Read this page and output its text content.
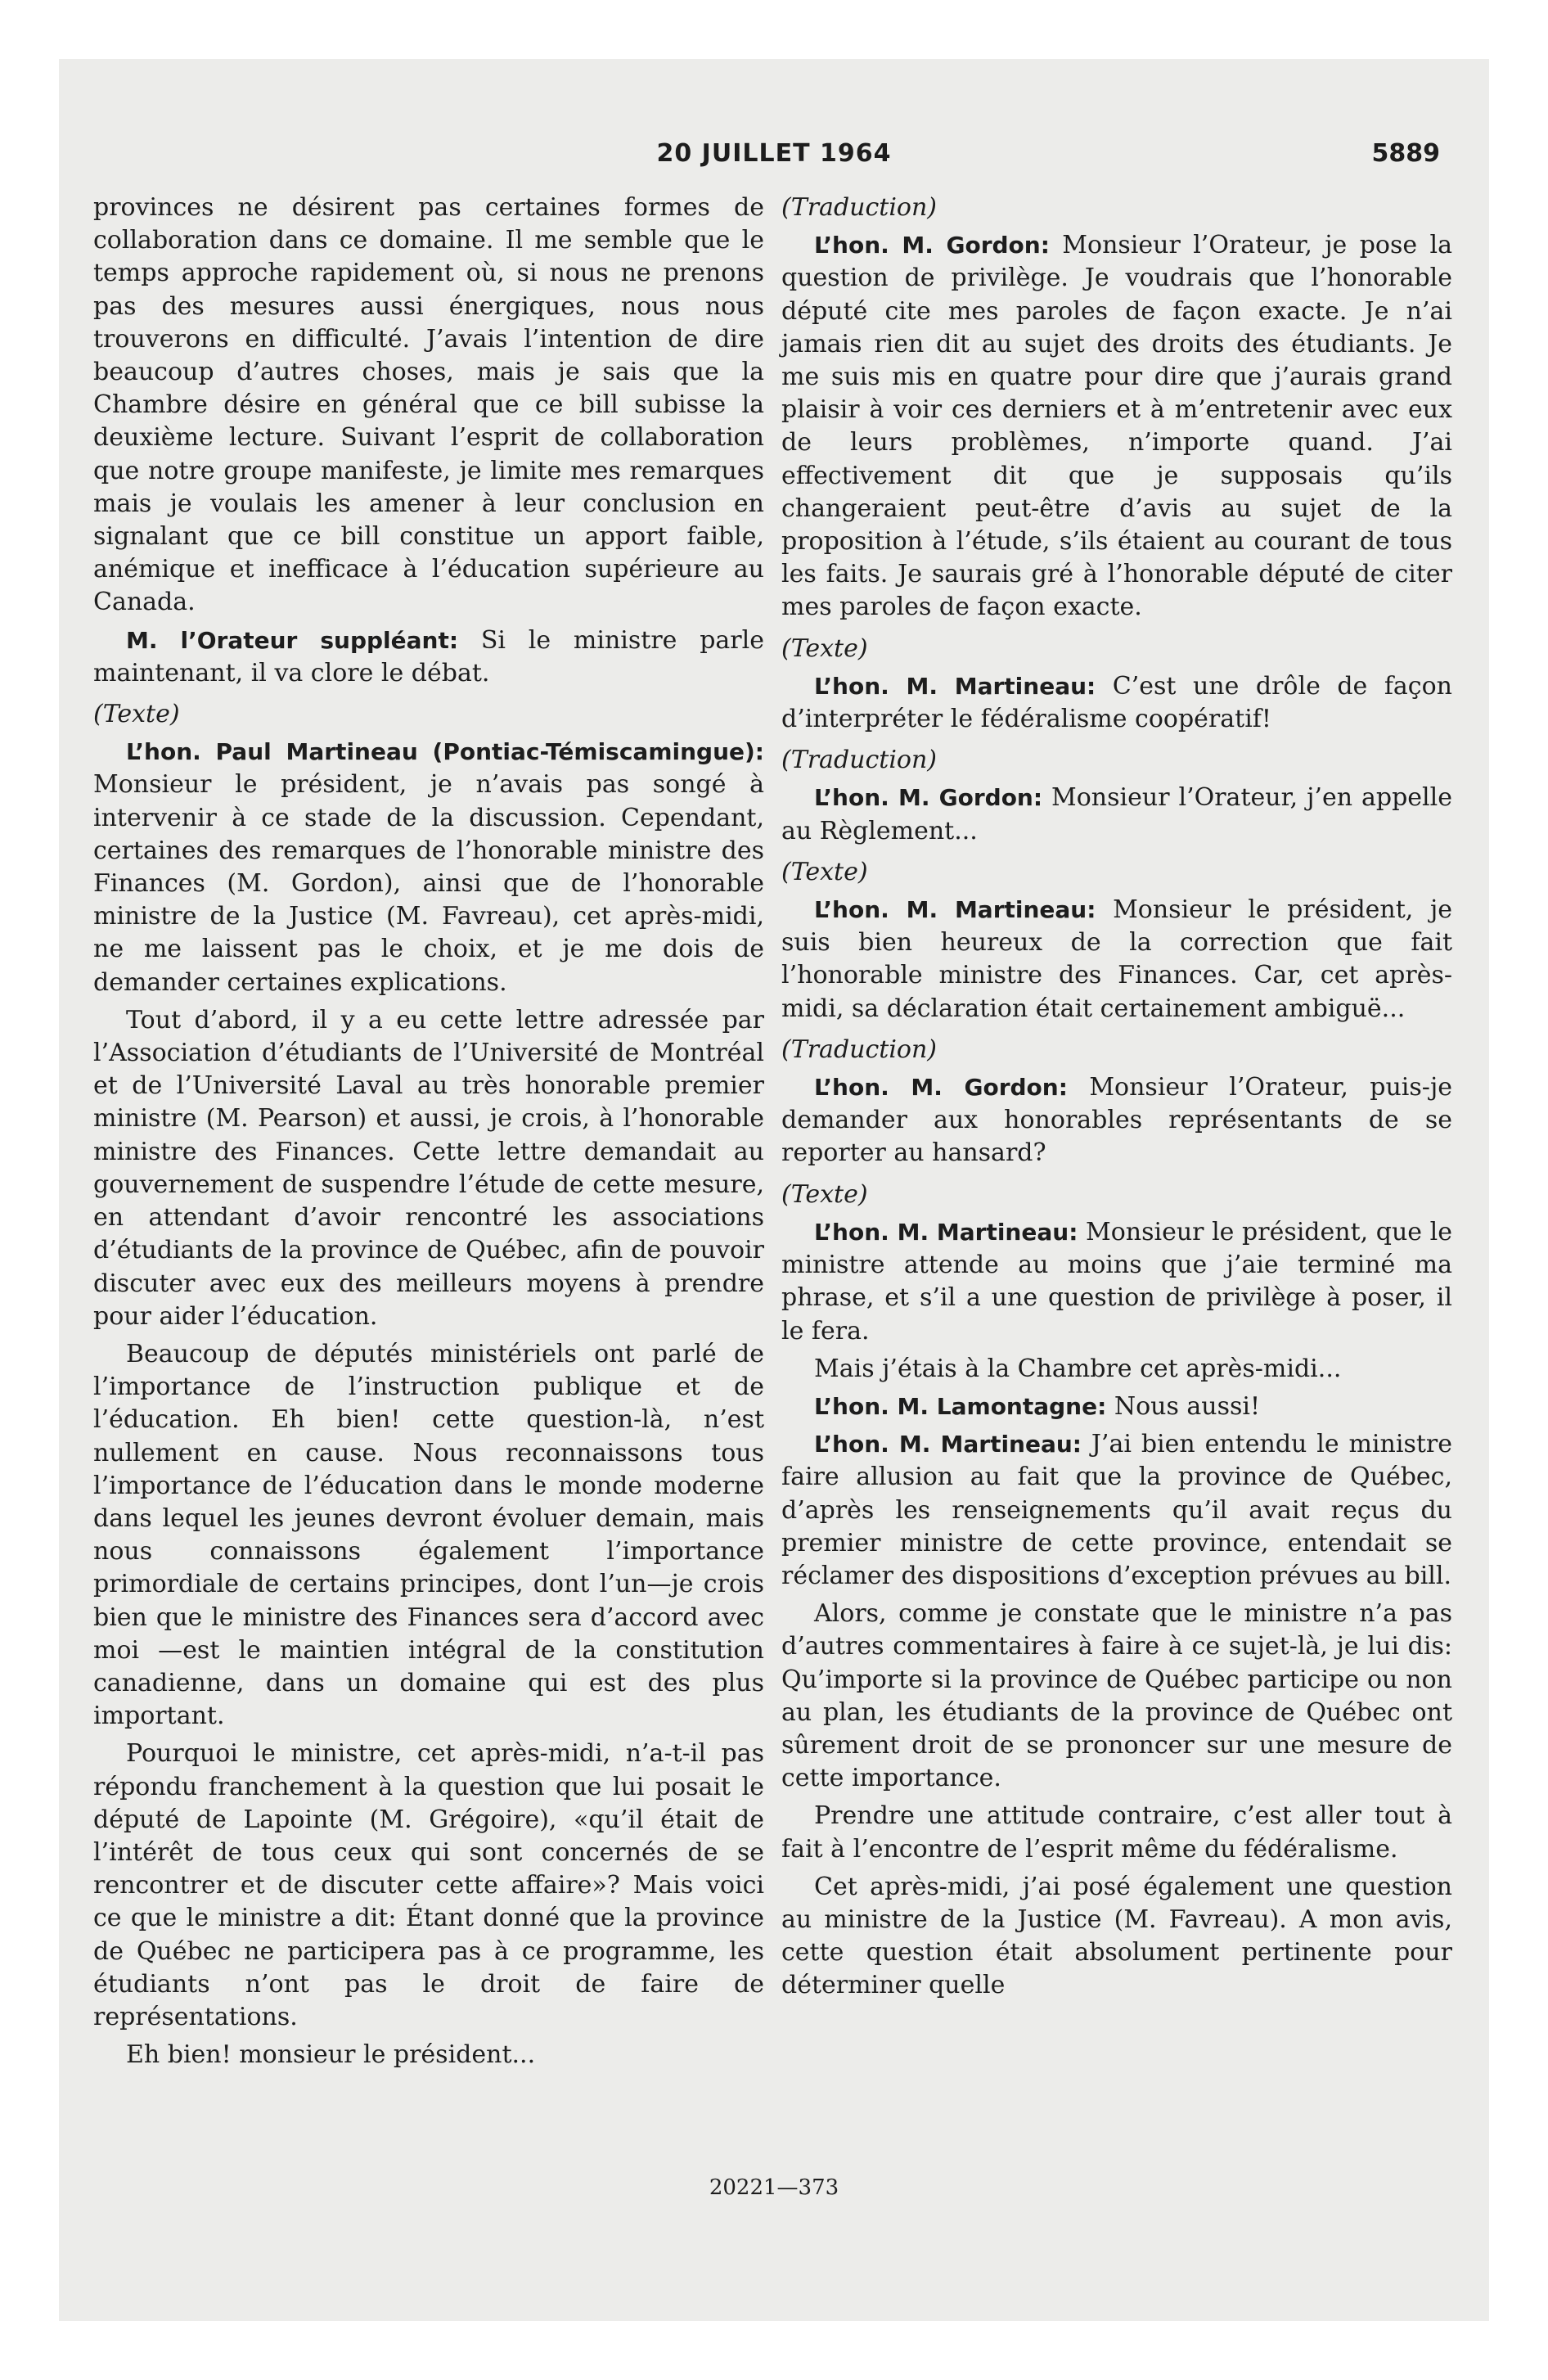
20 JUILLET 1964	5889

provinces ne désirent pas certaines formes de collaboration dans ce domaine. Il me semble que le temps approche rapidement où, si nous ne prenons pas des mesures aussi énergiques, nous nous trouverons en difficulté. J’avais l’intention de dire beaucoup d’autres choses, mais je sais que la Chambre désire en général que ce bill subisse la deuxième lecture. Suivant l’esprit de collaboration que notre groupe manifeste, je limite mes remarques mais je voulais les amener à leur conclusion en signalant que ce bill constitue un apport faible, anémique et inefficace à l’éducation supérieure au Canada.

M. l’Orateur suppléant: Si le ministre parle maintenant, il va clore le débat.

(Texte)

L’hon. Paul Martineau (Pontiac-Témiscamingue): Monsieur le président, je n’avais pas songé à intervenir à ce stade de la discussion. Cependant, certaines des remarques de l’honorable ministre des Finances (M. Gordon), ainsi que de l’honorable ministre de la Justice (M. Favreau), cet après-midi, ne me laissent pas le choix, et je me dois de demander certaines explications.

Tout d’abord, il y a eu cette lettre adressée par l’Association d’étudiants de l’Université de Montréal et de l’Université Laval au très honorable premier ministre (M. Pearson) et aussi, je crois, à l’honorable ministre des Finances. Cette lettre demandait au gouvernement de suspendre l’étude de cette mesure, en attendant d’avoir rencontré les associations d’étudiants de la province de Québec, afin de pouvoir discuter avec eux des meilleurs moyens à prendre pour aider l’éducation.

Beaucoup de députés ministériels ont parlé de l’importance de l’instruction publique et de l’éducation. Eh bien! cette question-là, n’est nullement en cause. Nous reconnaissons tous l’importance de l’éducation dans le monde moderne dans lequel les jeunes devront évoluer demain, mais nous connaissons également l’importance primordiale de certains principes, dont l’un—je crois bien que le ministre des Finances sera d’accord avec moi —est le maintien intégral de la constitution canadienne, dans un domaine qui est des plus important.

Pourquoi le ministre, cet après-midi, n’a-t-il pas répondu franchement à la question que lui posait le député de Lapointe (M. Grégoire), «qu’il était de l’intérêt de tous ceux qui sont concernés de se rencontrer et de discuter cette affaire»? Mais voici ce que le ministre a dit: Étant donné que la province de Québec ne participera pas à ce programme, les étudiants n’ont pas le droit de faire de représentations.

Eh bien! monsieur le président...

(Traduction)

L’hon. M. Gordon: Monsieur l’Orateur, je pose la question de privilège. Je voudrais que l’honorable député cite mes paroles de façon exacte. Je n’ai jamais rien dit au sujet des droits des étudiants. Je me suis mis en quatre pour dire que j’aurais grand plaisir à voir ces derniers et à m’entretenir avec eux de leurs problèmes, n’importe quand. J’ai effectivement dit que je supposais qu’ils changeraient peut-être d’avis au sujet de la proposition à l’étude, s’ils étaient au courant de tous les faits. Je saurais gré à l’honorable député de citer mes paroles de façon exacte.

(Texte)

L’hon. M. Martineau: C’est une drôle de façon d’interpréter le fédéralisme coopératif!

(Traduction)

L’hon. M. Gordon: Monsieur l’Orateur, j’en appelle au Règlement...

(Texte)

L’hon. M. Martineau: Monsieur le président, je suis bien heureux de la correction que fait l’honorable ministre des Finances. Car, cet après-midi, sa déclaration était certainement ambiguë...

(Traduction)

L’hon. M. Gordon: Monsieur l’Orateur, puis-je demander aux honorables représentants de se reporter au hansard?

(Texte)

L’hon. M. Martineau: Monsieur le président, que le ministre attende au moins que j’aie terminé ma phrase, et s’il a une question de privilège à poser, il le fera.

Mais j’étais à la Chambre cet après-midi...

L’hon. M. Lamontagne: Nous aussi!

L’hon. M. Martineau: J’ai bien entendu le ministre faire allusion au fait que la province de Québec, d’après les renseignements qu’il avait reçus du premier ministre de cette province, entendait se réclamer des dispositions d’exception prévues au bill.

Alors, comme je constate que le ministre n’a pas d’autres commentaires à faire à ce sujet-là, je lui dis: Qu’importe si la province de Québec participe ou non au plan, les étudiants de la province de Québec ont sûrement droit de se prononcer sur une mesure de cette importance.

Prendre une attitude contraire, c’est aller tout à fait à l’encontre de l’esprit même du fédéralisme.

Cet après-midi, j’ai posé également une question au ministre de la Justice (M. Favreau). A mon avis, cette question était absolument pertinente pour déterminer quelle

20221—373
